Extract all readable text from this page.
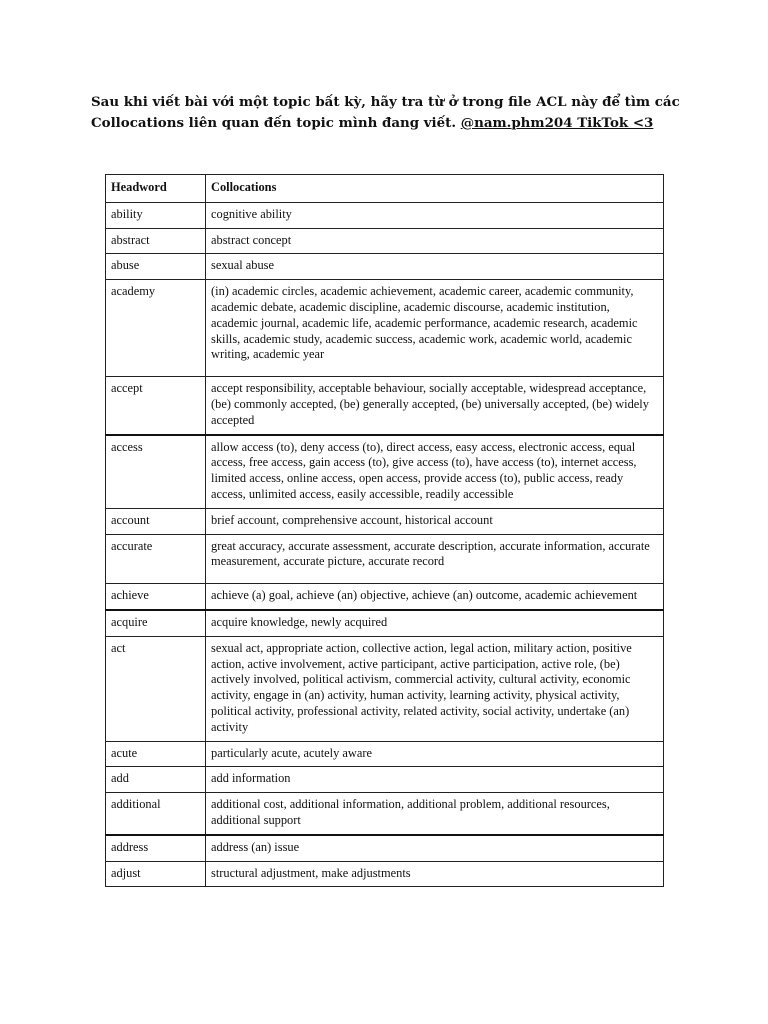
Sau khi viết bài với một topic bất kỳ, hãy tra từ ở trong file ACL này để tìm các Collocations liên quan đến topic mình đang viết. @nam.phm204 TikTok <3

Headword	Collocations
ability	cognitive ability
abstract	abstract concept
abuse	sexual abuse
academy	(in) academic circles, academic achievement, academic career, academic community, academic debate, academic discipline, academic discourse, academic institution, academic journal, academic life, academic performance, academic research, academic skills, academic study, academic success, academic work, academic world, academic writing, academic year
accept	accept responsibility, acceptable behaviour, socially acceptable, widespread acceptance, (be) commonly accepted, (be) generally accepted, (be) universally accepted, (be) widely accepted
access	allow access (to), deny access (to), direct access, easy access, electronic access, equal access, free access, gain access (to), give access (to), have access (to), internet access, limited access, online access, open access, provide access (to), public access, ready access, unlimited access, easily accessible, readily accessible
account	brief account, comprehensive account, historical account
accurate	great accuracy, accurate assessment, accurate description, accurate information, accurate measurement, accurate picture, accurate record
achieve	achieve (a) goal, achieve (an) objective, achieve (an) outcome, academic achievement
acquire	acquire knowledge, newly acquired
act	sexual act, appropriate action, collective action, legal action, military action, positive action, active involvement, active participant, active participation, active role, (be) actively involved, political activism, commercial activity, cultural activity, economic activity, engage in (an) activity, human activity, learning activity, physical activity, political activity, professional activity, related activity, social activity, undertake (an) activity
acute	particularly acute, acutely aware
add	add information
additional	additional cost, additional information, additional problem, additional resources, additional support
address	address (an) issue
adjust	structural adjustment, make adjustments
